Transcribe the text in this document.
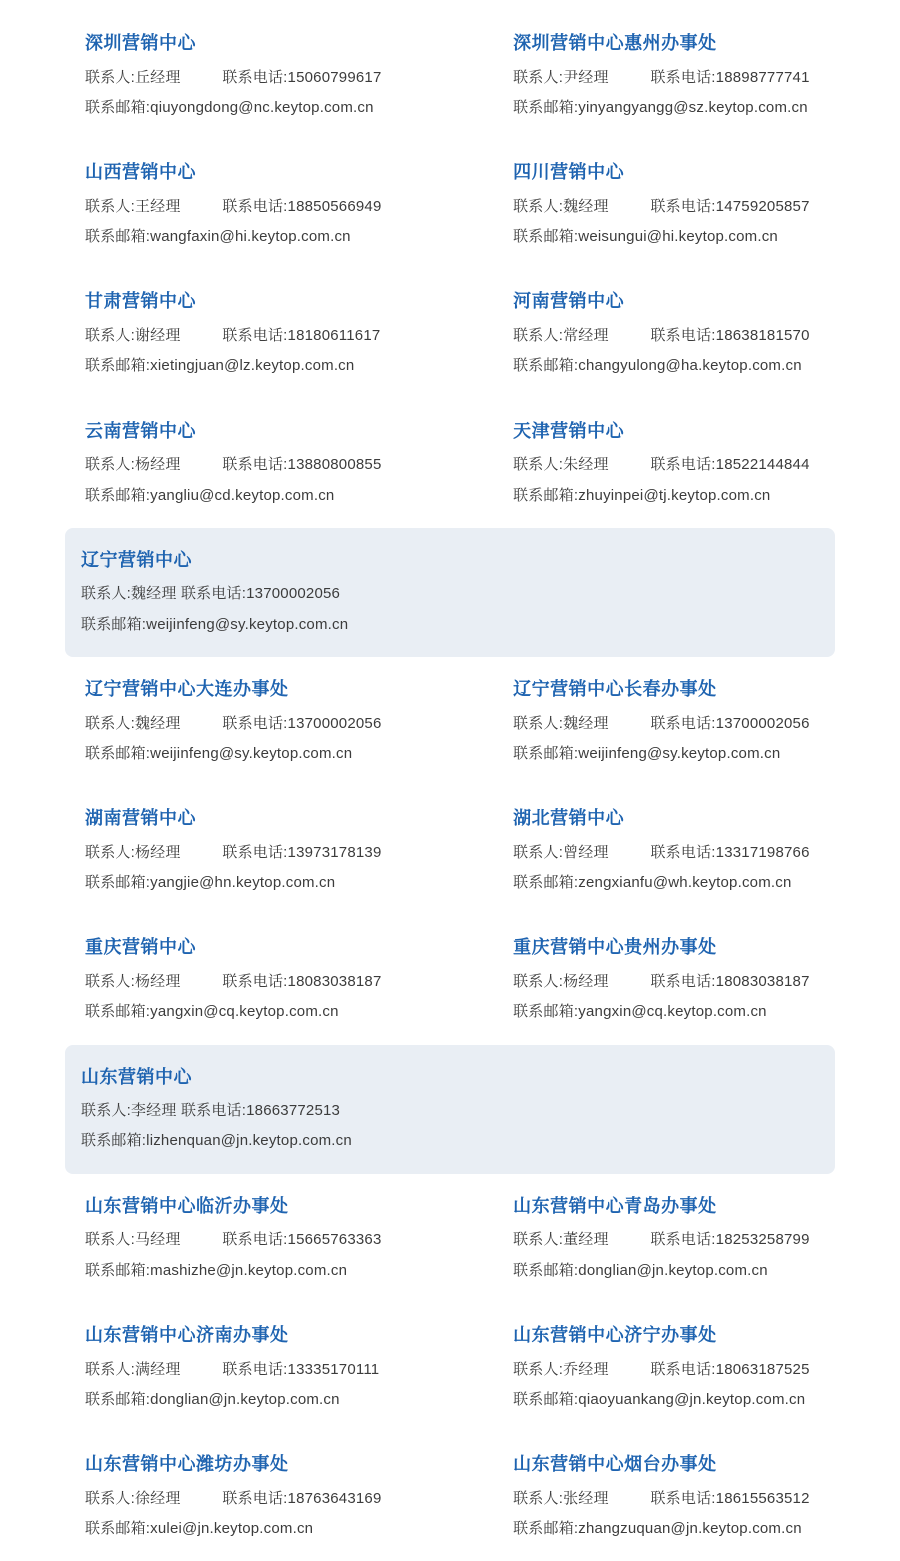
深圳营销中心
联系人:丘经理	联系电话:15060799617
联系邮箱:qiuyongdong@nc.keytop.com.cn
深圳营销中心惠州办事处
联系人:尹经理	联系电话:18898777741
联系邮箱:yinyangyangg@sz.keytop.com.cn
山西营销中心
联系人:王经理	联系电话:18850566949
联系邮箱:wangfaxin@hi.keytop.com.cn
四川营销中心
联系人:魏经理	联系电话:14759205857
联系邮箱:weisungui@hi.keytop.com.cn
甘肃营销中心
联系人:谢经理	联系电话:18180611617
联系邮箱:xietingjuan@lz.keytop.com.cn
河南营销中心
联系人:常经理	联系电话:18638181570
联系邮箱:changyulong@ha.keytop.com.cn
云南营销中心
联系人:杨经理	联系电话:13880800855
联系邮箱:yangliu@cd.keytop.com.cn
天津营销中心
联系人:朱经理	联系电话:18522144844
联系邮箱:zhuyinpei@tj.keytop.com.cn
辽宁营销中心
联系人:魏经理 联系电话:13700002056
联系邮箱:weijinfeng@sy.keytop.com.cn
辽宁营销中心大连办事处
联系人:魏经理	联系电话:13700002056
联系邮箱:weijinfeng@sy.keytop.com.cn
辽宁营销中心长春办事处
联系人:魏经理	联系电话:13700002056
联系邮箱:weijinfeng@sy.keytop.com.cn
湖南营销中心
联系人:杨经理	联系电话:13973178139
联系邮箱:yangjie@hn.keytop.com.cn
湖北营销中心
联系人:曾经理	联系电话:13317198766
联系邮箱:zengxianfu@wh.keytop.com.cn
重庆营销中心
联系人:杨经理	联系电话:18083038187
联系邮箱:yangxin@cq.keytop.com.cn
重庆营销中心贵州办事处
联系人:杨经理	联系电话:18083038187
联系邮箱:yangxin@cq.keytop.com.cn
山东营销中心
联系人:李经理 联系电话:18663772513
联系邮箱:lizhenquan@jn.keytop.com.cn
山东营销中心临沂办事处
联系人:马经理	联系电话:15665763363
联系邮箱:mashizhe@jn.keytop.com.cn
山东营销中心青岛办事处
联系人:董经理	联系电话:18253258799
联系邮箱:donglian@jn.keytop.com.cn
山东营销中心济南办事处
联系人:满经理	联系电话:13335170111
联系邮箱:donglian@jn.keytop.com.cn
山东营销中心济宁办事处
联系人:乔经理	联系电话:18063187525
联系邮箱:qiaoyuankang@jn.keytop.com.cn
山东营销中心潍坊办事处
联系人:徐经理	联系电话:18763643169
联系邮箱:xulei@jn.keytop.com.cn
山东营销中心烟台办事处
联系人:张经理	联系电话:18615563512
联系邮箱:zhangzuquan@jn.keytop.com.cn
